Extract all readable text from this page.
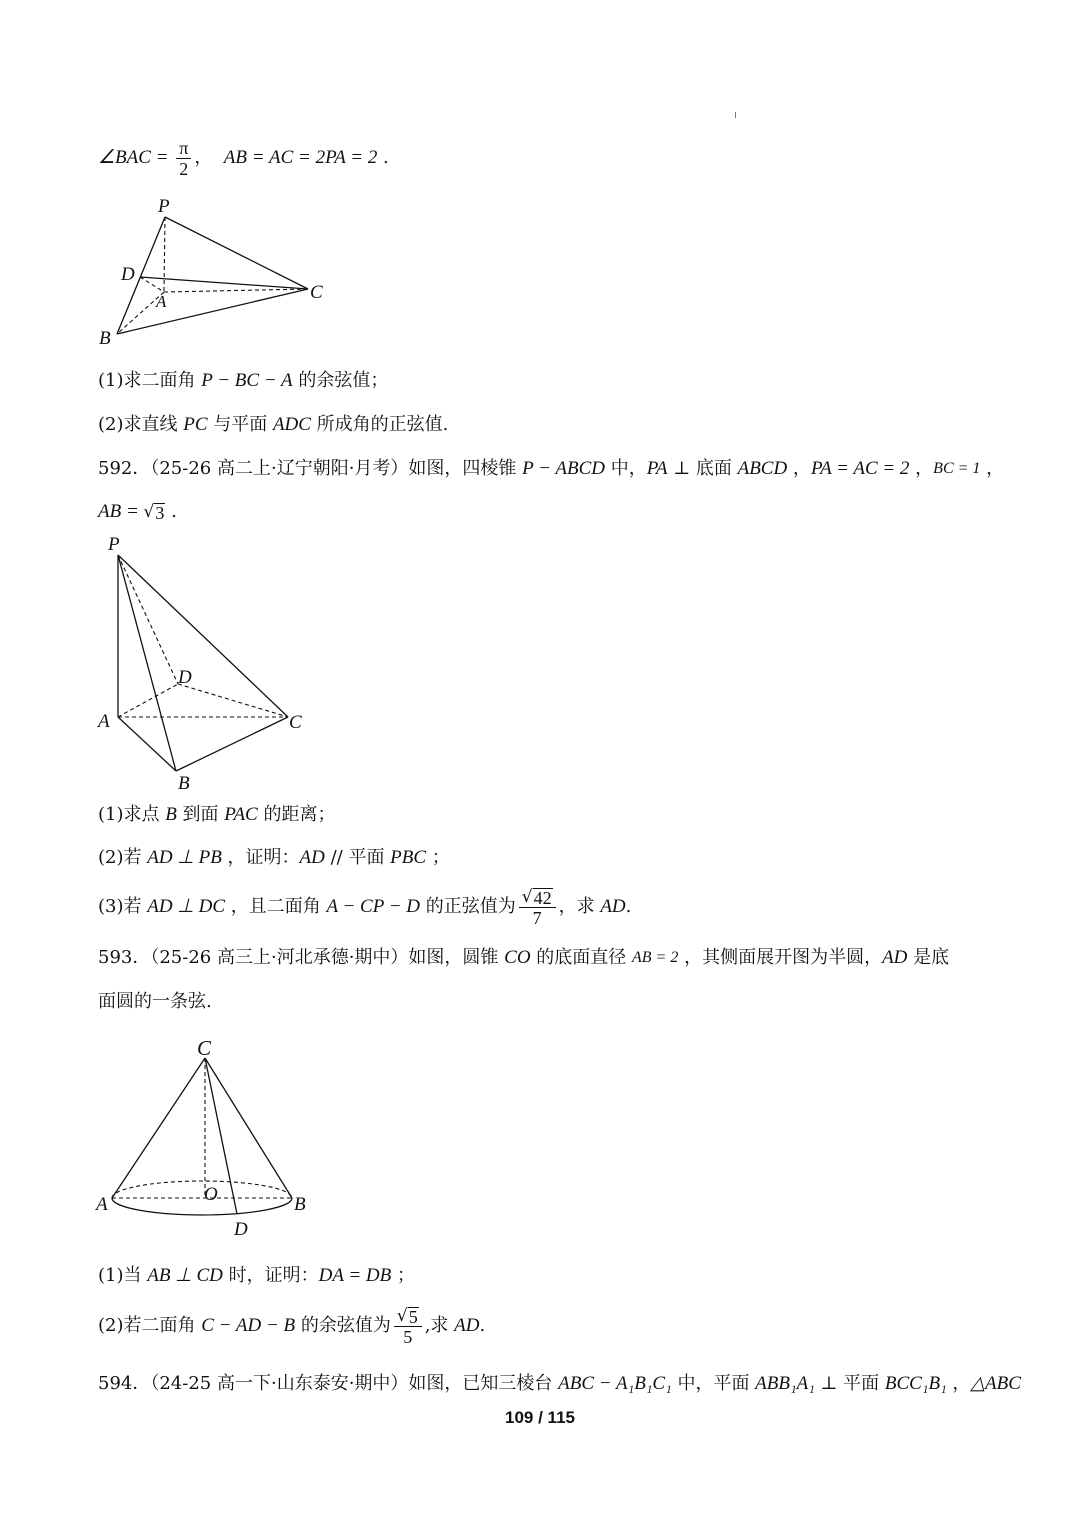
∠BAC = $\frac{\pi}{2}$ ， AB = AC = 2PA = 2 .
P
D
A	C
B
(1)求二面角 P − BC − A 的余弦值；
(2)求直线 PC 与平面 ADC 所成角的正弦值.
592．（25-26 高二上·辽宁朝阳·月考）如图，四棱锥 P − ABCD 中， PA ⊥ 底面 ABCD ， PA = AC = 2 ， BC = 1 ，
AB = √ 3 .
P
D
A	C
B
(1)求点 B 到面 PAC 的距离；
(2)若 AD ⊥ PB ，证明： AD // 平面 PBC ；
(3)若 AD ⊥ DC ，且二面角 A − CP − D 的正弦值为 $\frac{√ 42}{7}$ ，求 AD .
593．（25-26 高三上·河北承德·期中）如图，圆锥 CO 的底面直径 AB = 2 ，其侧面展开图为半圆， AD 是底
面圆的一条弦.
C
A	O	B
D
(1)当 AB ⊥ CD 时，证明： DA = DB ；
(2)若二面角 C − AD − B 的余弦值为 $\frac{√ 5}{5}$ ,求 AD .
594．（24-25 高一下·山东泰安·期中）如图，已知三棱台 ABC − A₁B₁C₁ 中，平面 ABB₁A₁ ⊥ 平面 BCC₁B₁ ， △ABC
109 / 115
